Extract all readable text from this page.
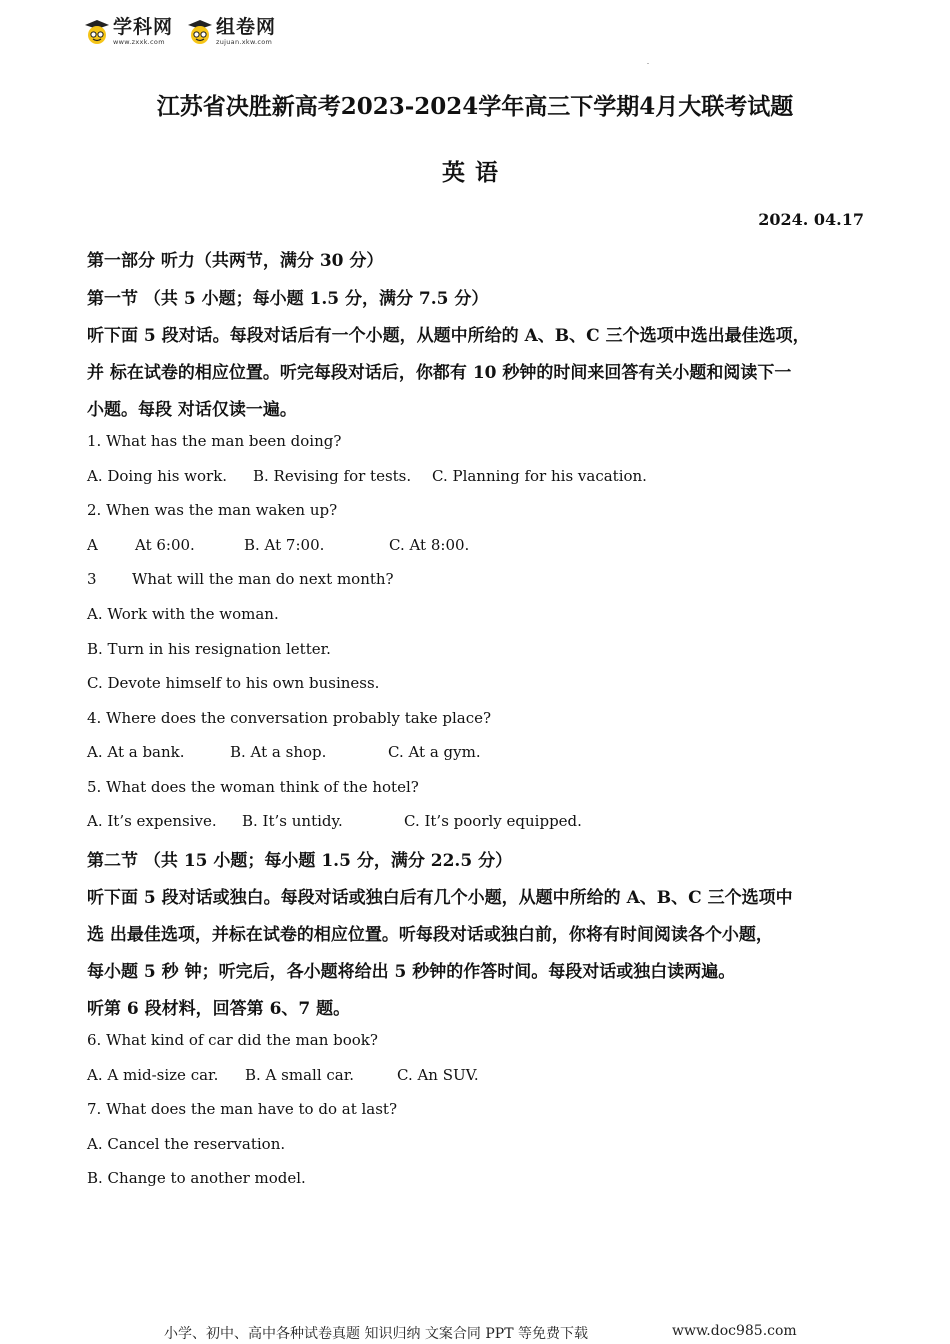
学科网
www.zxxk.com
组卷网
zujuan.xkw.com
江苏省决胜新高考2023-2024学年高三下学期4月大联考试题
英语
2024. 04.17
第一部分 听力（共两节，满分 30 分）
第一节 （共 5 小题；每小题 1.5 分，满分 7.5 分）
听下面 5 段对话。每段对话后有一个小题，从题中所给的 A、B、C 三个选项中选出最佳选项，
并 标在试卷的相应位置。听完每段对话后，你都有 10 秒钟的时间来回答有关小题和阅读下一
小题。每段 对话仅读一遍。
1. What has the man been doing?
A. Doing his work. B. Revising for tests. C. Planning for his vacation.
2. When was the man waken up?
A At 6:00.	B. At 7:00.	C. At 8:00.
3 What will the man do next month?
A. Work with the woman.
B. Turn in his resignation letter.
C. Devote himself to his own business.
4. Where does the conversation probably take place?
A. At a bank.	B. At a shop.	C. At a gym.
5. What does the woman think of the hotel?
A. It’s expensive. B. It’s untidy.	C. It’s poorly equipped.
第二节 （共 15 小题；每小题 1.5 分，满分 22.5 分）
听下面 5 段对话或独白。每段对话或独白后有几个小题，从题中所给的 A、B、C 三个选项中
选 出最佳选项，并标在试卷的相应位置。听每段对话或独白前，你将有时间阅读各个小题，
每小题 5 秒 钟；听完后，各小题将给出 5 秒钟的作答时间。每段对话或独白读两遍。
听第 6 段材料，回答第 6、7 题。
6. What kind of car did the man book?
A. A mid-size car. B. A small car.	C. An SUV.
7. What does the man have to do at last?
A. Cancel the reservation.
B. Change to another model.
小学、初中、高中各种试卷真题 知识归纳 文案合同 PPT 等免费下载	www.doc985.com
